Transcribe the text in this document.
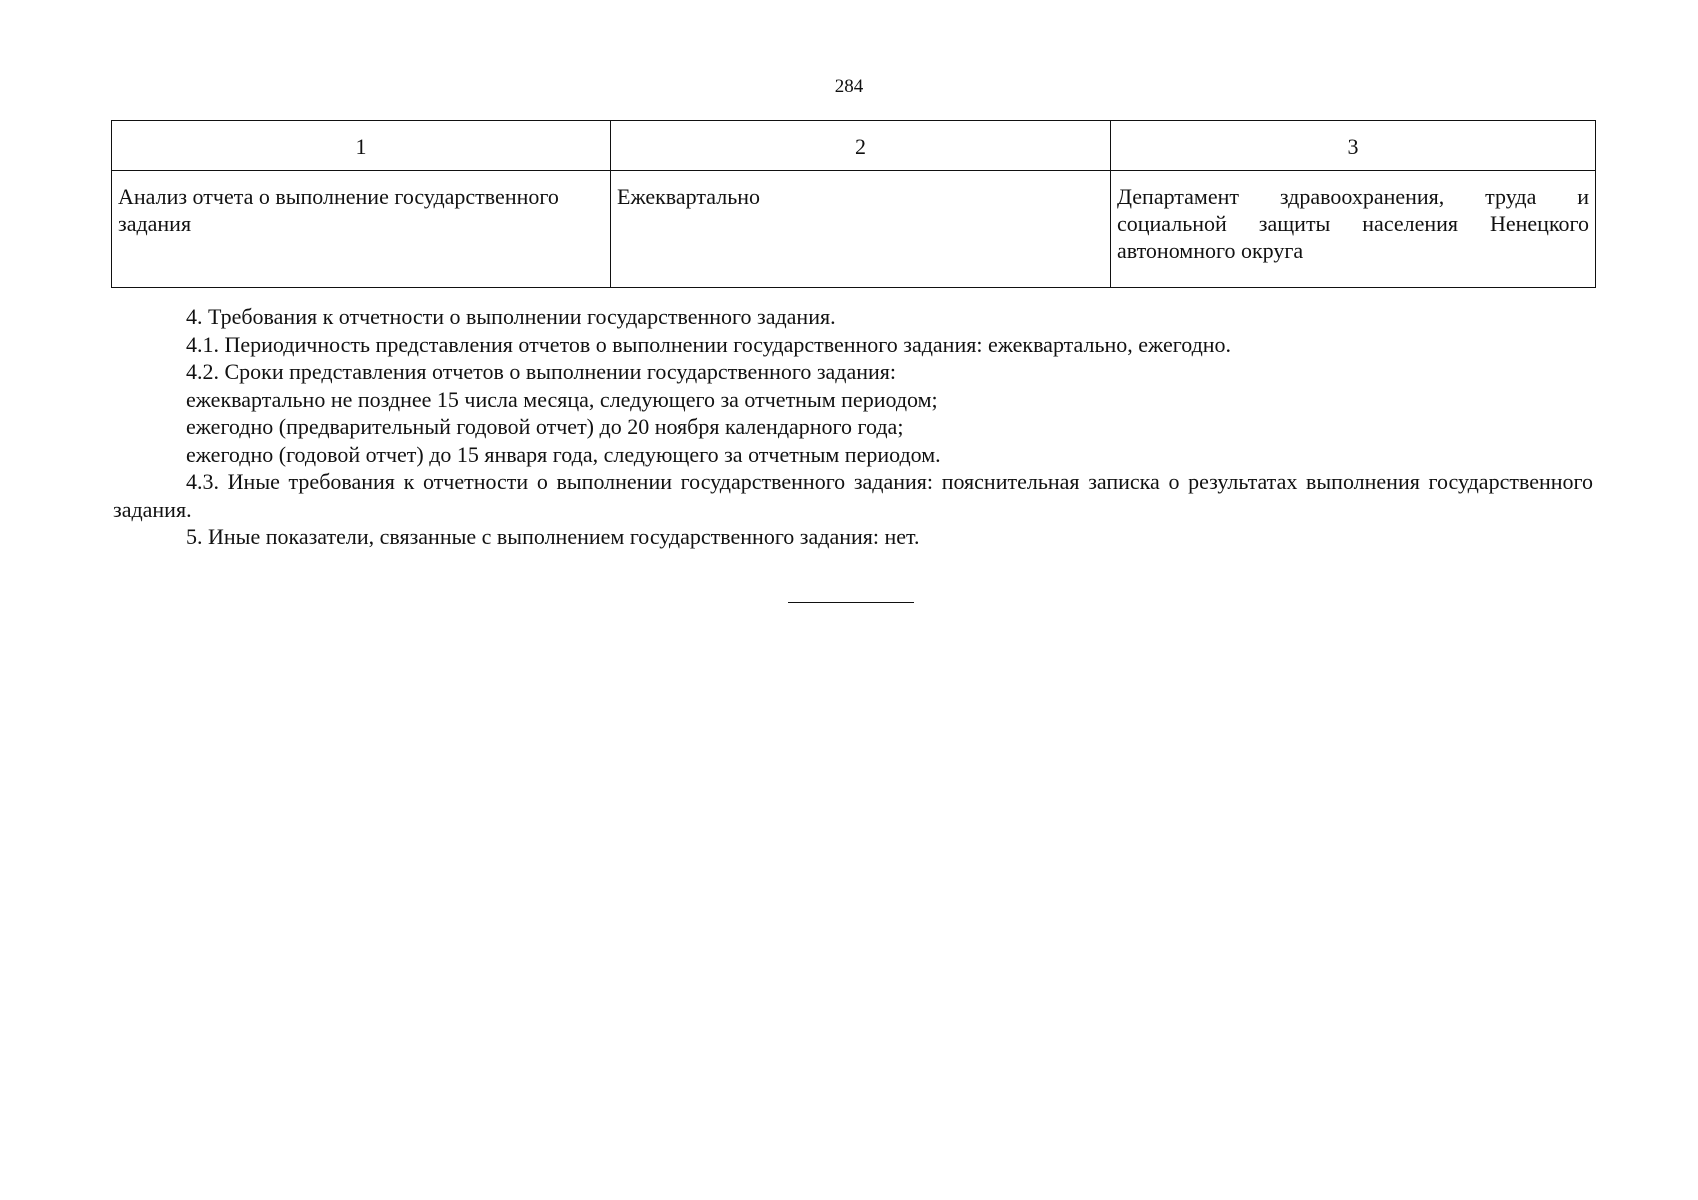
284
1	2	3
Анализ отчета о выполнение государственного задания	Ежеквартально	Департамент здравоохранения, труда и социальной защиты населения Ненецкого автономного округа

4. Требования к отчетности о выполнении государственного задания.

4.1. Периодичность представления отчетов о выполнении государственного задания: ежеквартально, ежегодно.

4.2. Сроки представления отчетов о выполнении государственного задания:

ежеквартально не позднее 15 числа месяца, следующего за отчетным периодом;

ежегодно (предварительный годовой отчет) до 20 ноября календарного года;

ежегодно (годовой отчет) до 15 января года, следующего за отчетным периодом.

4.3. Иные требования к отчетности о выполнении государственного задания: пояснительная записка о результатах выполнения государственного задания.

5. Иные показатели, связанные с выполнением государственного задания: нет.
